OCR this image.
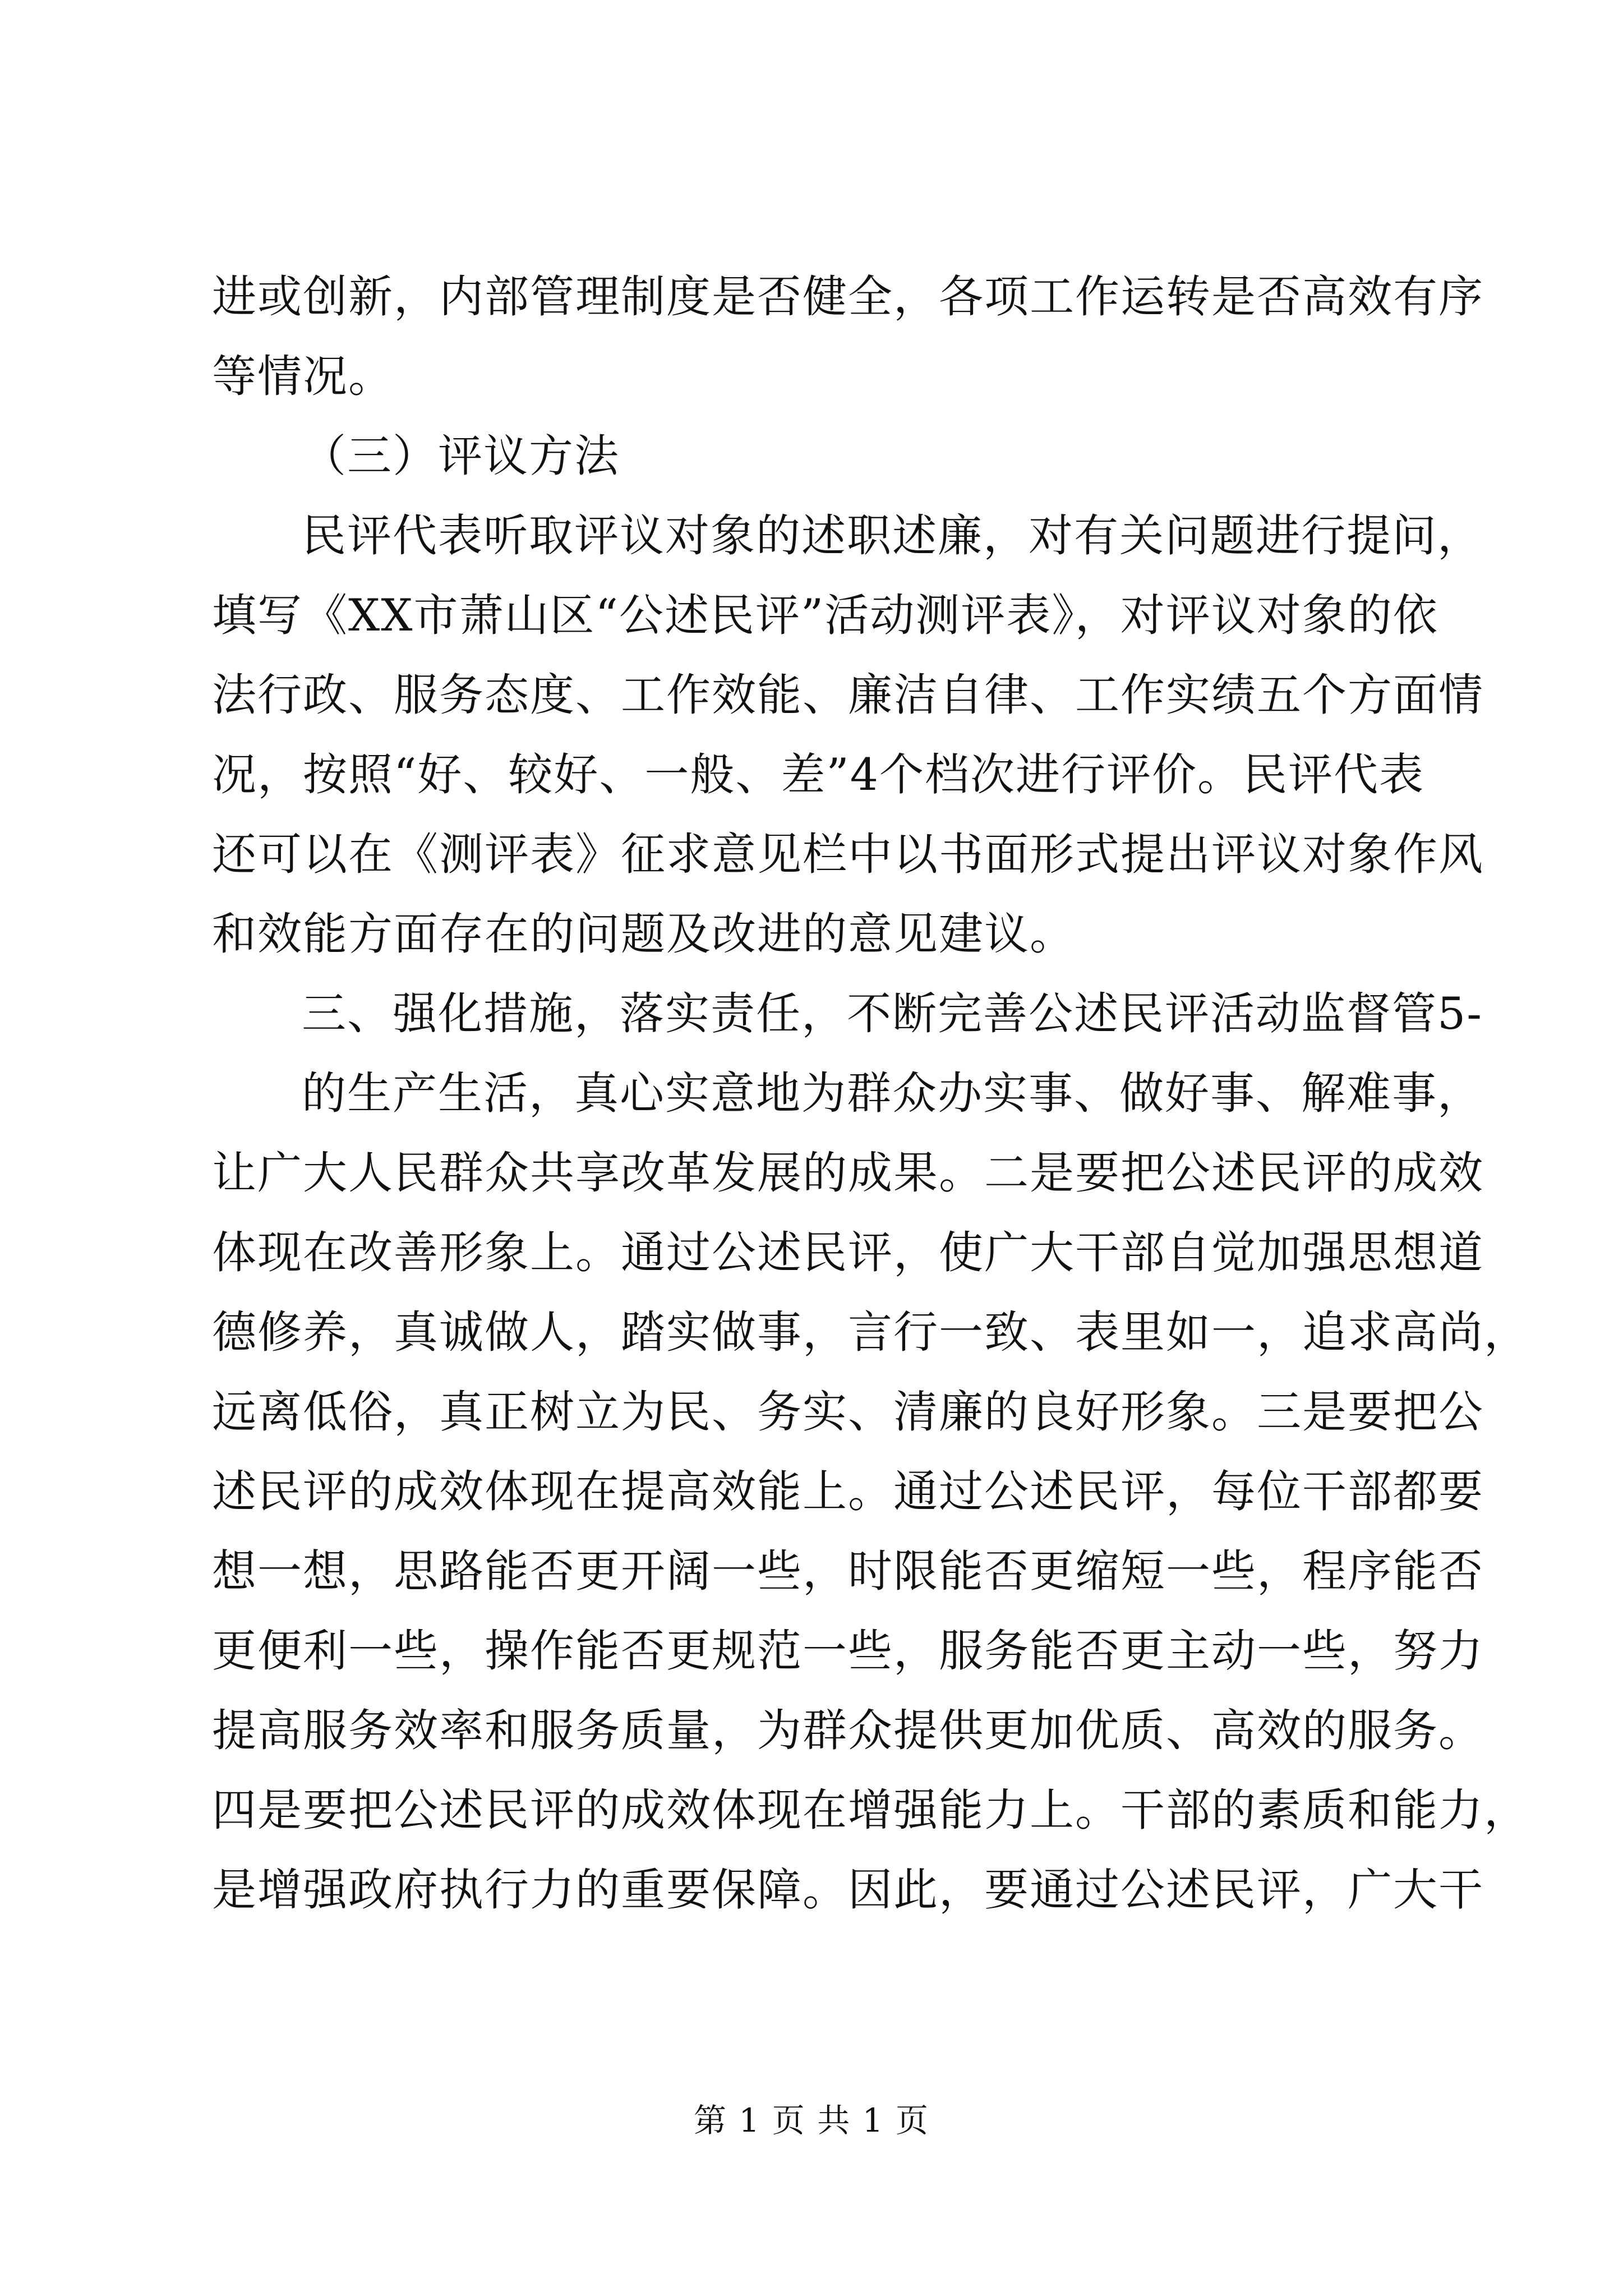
进或创新，内部管理制度是否健全，各项工作运转是否高效有序
等情况。
（三）评议方法
民评代表听取评议对象的述职述廉，对有关问题进行提问，
填写《XX市萧山区“公述民评”活动测评表》，对评议对象的依
法行政、服务态度、工作效能、廉洁自律、工作实绩五个方面情
况，按照“好、较好、一般、差”4个档次进行评价。民评代表
还可以在《测评表》征求意见栏中以书面形式提出评议对象作风
和效能方面存在的问题及改进的意见建议。
三、强化措施，落实责任，不断完善公述民评活动监督管5-
的生产生活，真心实意地为群众办实事、做好事、解难事，
让广大人民群众共享改革发展的成果。二是要把公述民评的成效
体现在改善形象上。通过公述民评，使广大干部自觉加强思想道
德修养，真诚做人，踏实做事，言行一致、表里如一，追求高尚，
远离低俗，真正树立为民、务实、清廉的良好形象。三是要把公
述民评的成效体现在提高效能上。通过公述民评，每位干部都要
想一想，思路能否更开阔一些，时限能否更缩短一些，程序能否
更便利一些，操作能否更规范一些，服务能否更主动一些，努力
提高服务效率和服务质量，为群众提供更加优质、高效的服务。
四是要把公述民评的成效体现在增强能力上。干部的素质和能力，
是增强政府执行力的重要保障。因此，要通过公述民评，广大干
第 1 页 共 1 页
